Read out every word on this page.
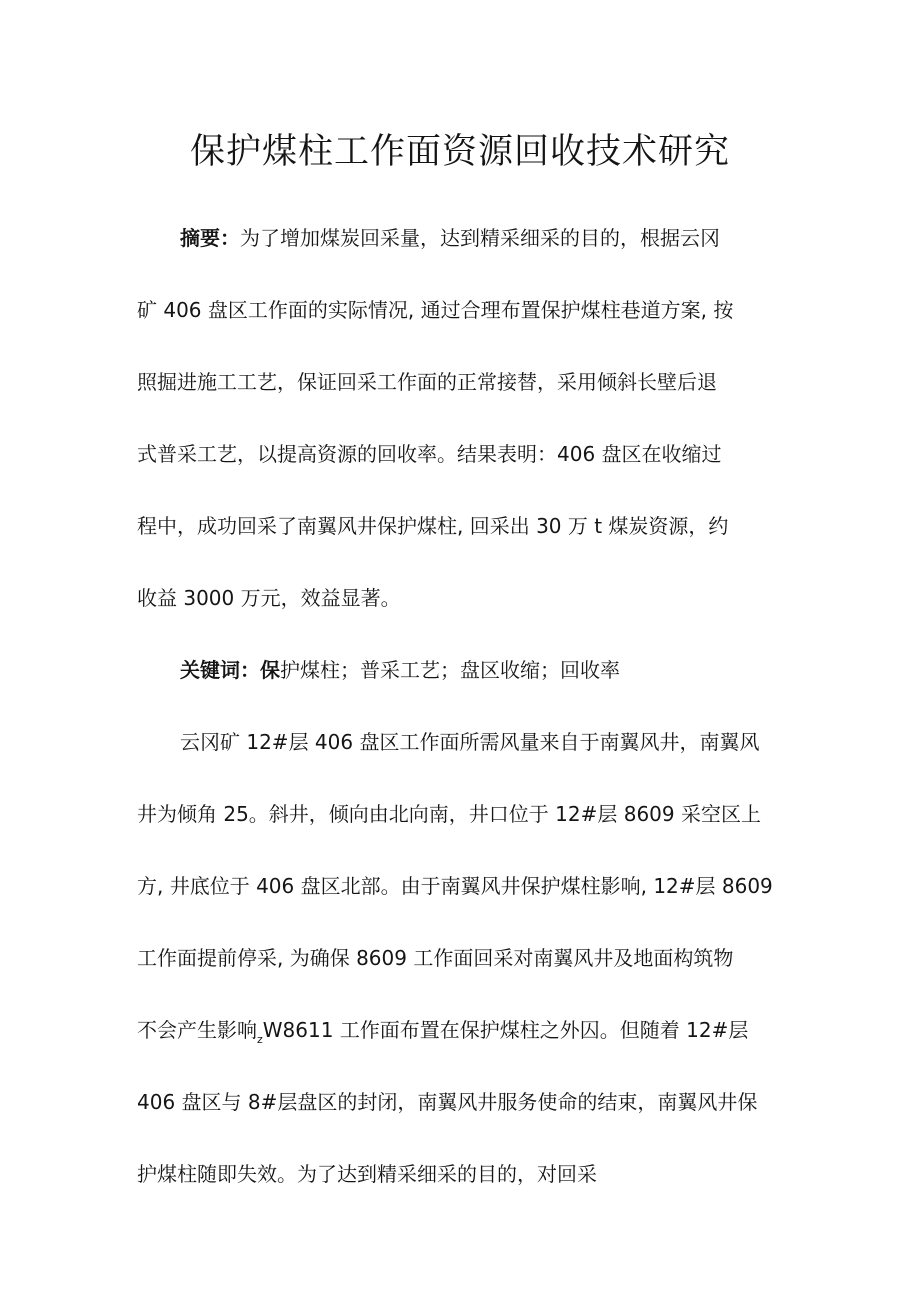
保护煤柱工作面资源回收技术研究

摘要：为了增加煤炭回采量，达到精采细采的目的，根据云冈

矿 406 盘区工作面的实际情况, 通过合理布置保护煤柱巷道方案, 按

照掘进施工工艺，保证回采工作面的正常接替，采用倾斜长壁后退

式普采工艺，以提高资源的回收率。结果表明：406 盘区在收缩过

程中，成功回采了南翼风井保护煤柱, 回采出 30 万 t 煤炭资源，约

收益 3000 万元，效益显著。

关键词：保护煤柱；普采工艺；盘区收缩；回收率

云冈矿 12#层 406 盘区工作面所需风量来自于南翼风井，南翼风

井为倾角 25。斜井，倾向由北向南，井口位于 12#层 8609 采空区上

方, 井底位于 406 盘区北部。由于南翼风井保护煤柱影响, 12#层 8609

工作面提前停采, 为确保 8609 工作面回采对南翼风井及地面构筑物

不会产生影响$_z$W8611 工作面布置在保护煤柱之外囚。但随着 12#层

406 盘区与 8#层盘区的封闭，南翼风井服务使命的结束，南翼风井保

护煤柱随即失效。为了达到精采细采的目的，对回采
